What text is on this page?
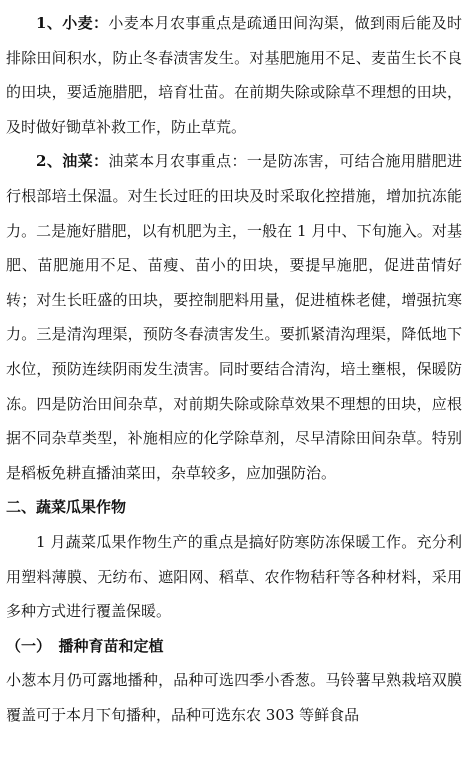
1、小麦：小麦本月农事重点是疏通田间沟渠，做到雨后能及时排除田间积水，防止冬春渍害发生。对基肥施用不足、麦苗生长不良的田块，要适施腊肥，培育壮苗。在前期失除或除草不理想的田块，及时做好锄草补救工作，防止草荒。

2、油菜：油菜本月农事重点：一是防冻害，可结合施用腊肥进行根部培土保温。对生长过旺的田块及时采取化控措施，增加抗冻能力。二是施好腊肥，以有机肥为主，一般在 1 月中、下旬施入。对基肥、苗肥施用不足、苗瘦、苗小的田块，要提早施肥，促进苗情好转；对生长旺盛的田块，要控制肥料用量，促进植株老健，增强抗寒力。三是清沟理渠，预防冬春渍害发生。要抓紧清沟理渠，降低地下水位，预防连续阴雨发生渍害。同时要结合清沟，培土壅根，保暖防冻。四是防治田间杂草，对前期失除或除草效果不理想的田块，应根据不同杂草类型，补施相应的化学除草剂，尽早清除田间杂草。特别是稻板免耕直播油菜田，杂草较多，应加强防治。

二、蔬菜瓜果作物

1 月蔬菜瓜果作物生产的重点是搞好防寒防冻保暖工作。充分利用塑料薄膜、无纺布、遮阳网、稻草、农作物秸秆等各种材料，采用多种方式进行覆盖保暖。

（一）　播种育苗和定植

小葱本月仍可露地播种，品种可选四季小香葱。马铃薯早熟栽培双膜覆盖可于本月下旬播种，品种可选东农 303 等鲜食品
